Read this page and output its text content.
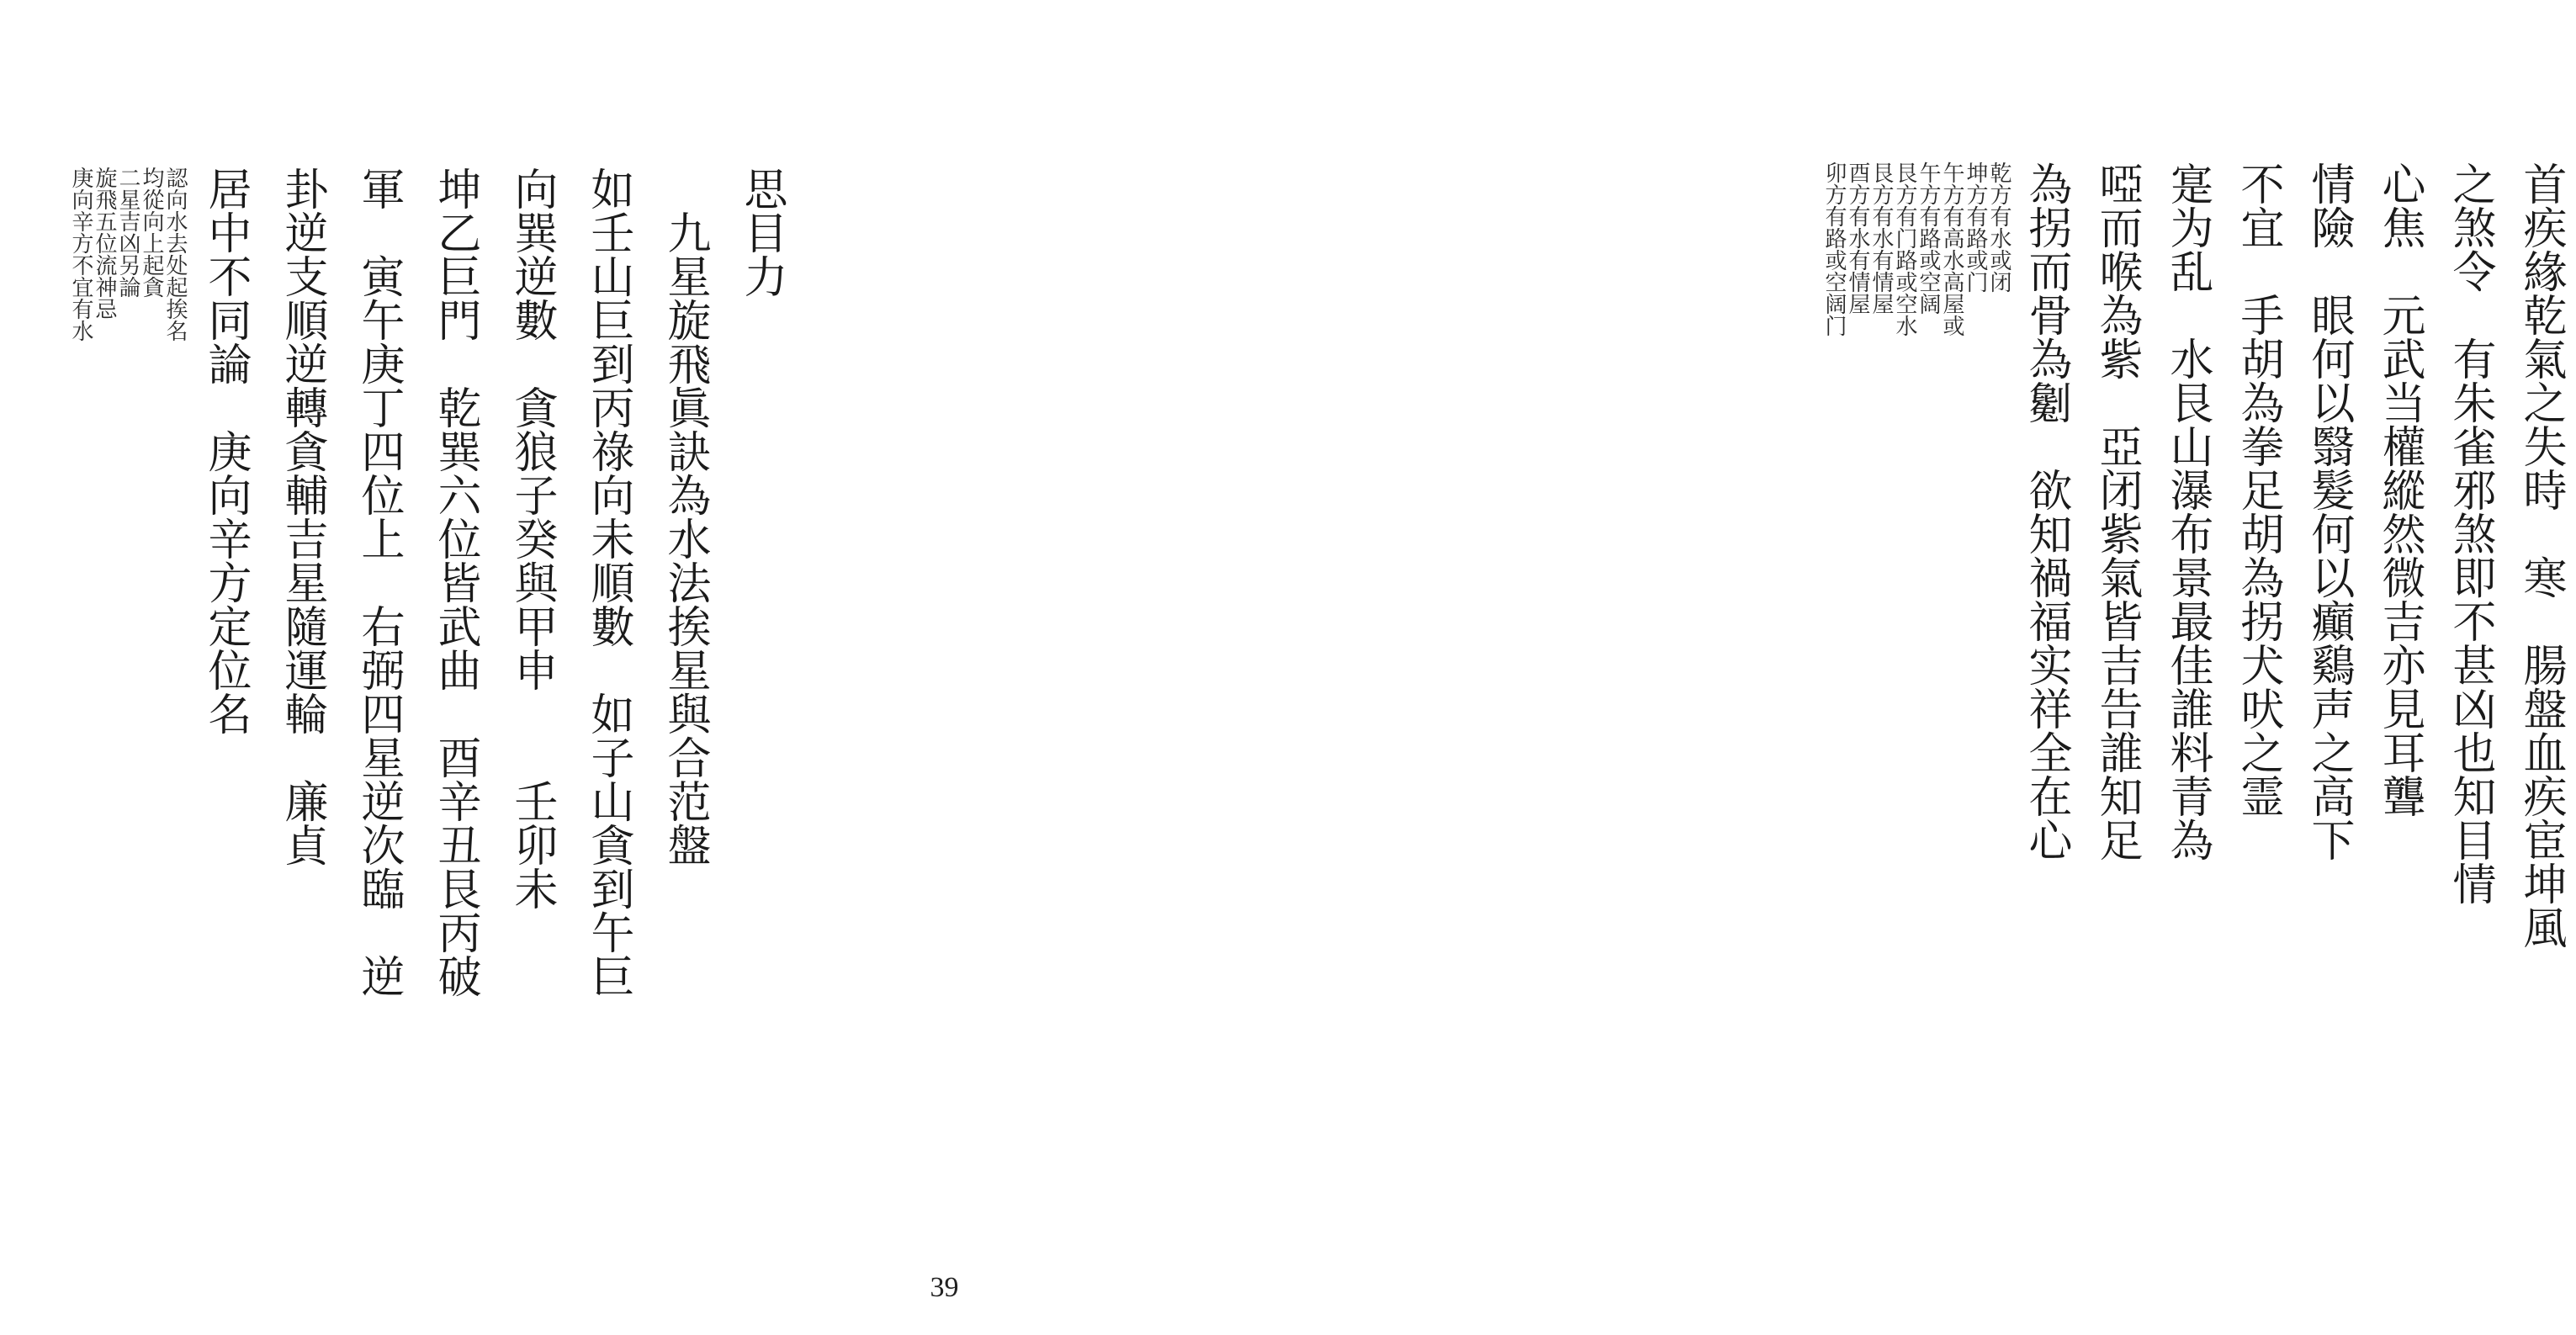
思目力
　九星旋飛眞訣為水法挨星與合范盤
如壬山巨到丙祿向未順數　如子山貪到午巨
向巽逆數　貪狼子癸與甲申　　壬卯未
坤乙巨門　乾巽六位皆武曲　酉辛丑艮丙破
軍　寅午庚丁四位上　右弼四星逆次臨　逆
卦逆支順逆轉貪輔吉星隨運輪　廉貞
居中不同論　庚向辛方定位名
認向水去处起挨名
均從向上起貪
二星吉凶另論
旋飛五位流神忌
庚向辛方不宜有水	首疾緣乾氣之失時　寒　腸盤血疾宦坤風
之煞令　有朱雀邪煞即不甚凶也知目情
心焦　元武当權縱然微吉亦見耳聾
情險　眼何以翳髮何以癲鷄声之高下
不宜　手胡為拳足胡為拐犬吠之霊
寔为乱　水艮山瀑布景最佳誰料青為
啞而喉為紫　亞闭紫氣皆吉告誰知足
為拐而骨為劖　欲知禍福实祥全在心
乾方有水或闭
坤方有路或门
午方有高水高屋或
午方有路或空阔
艮方有门路或空水
艮方有水有情屋
酉方有水有情屋
卯方有路或空阔门
39
